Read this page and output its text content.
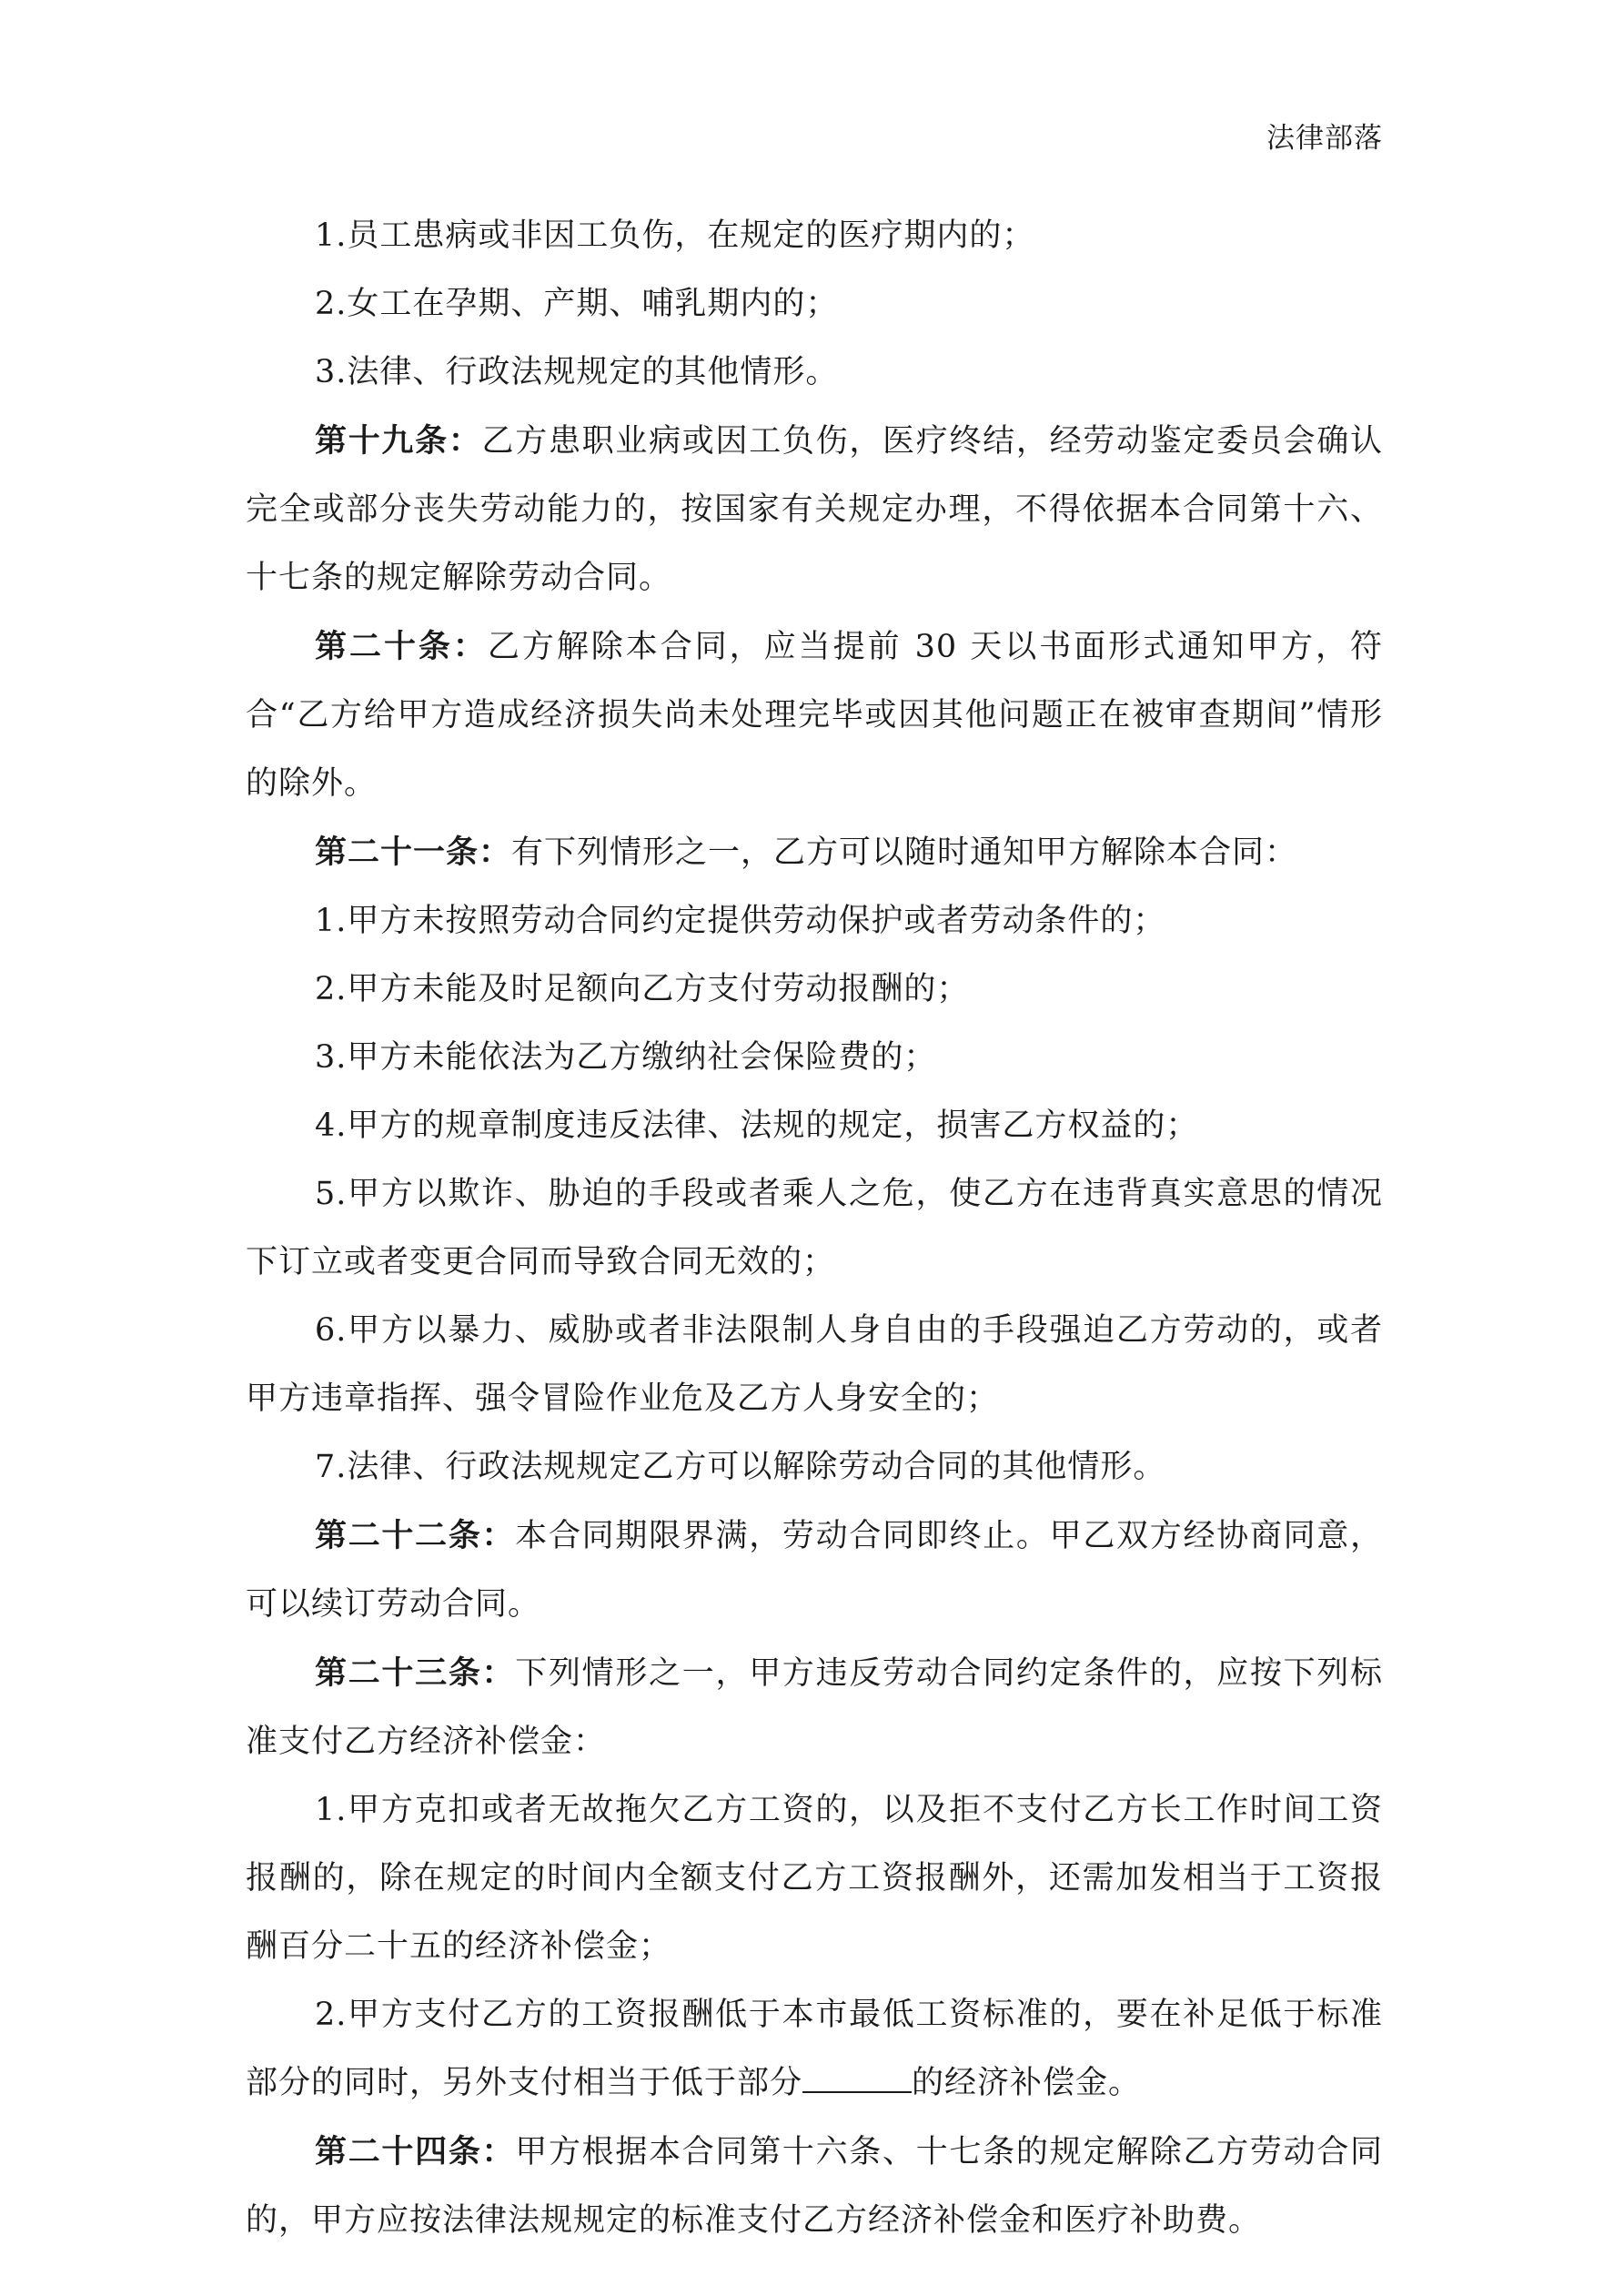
法律部落

1.员工患病或非因工负伤，在规定的医疗期内的；

2.女工在孕期、产期、哺乳期内的；

3.法律、行政法规规定的其他情形。

第十九条：乙方患职业病或因工负伤，医疗终结，经劳动鉴定委员会确认完全或部分丧失劳动能力的，按国家有关规定办理，不得依据本合同第十六、十七条的规定解除劳动合同。

第二十条：乙方解除本合同，应当提前 30 天以书面形式通知甲方，符合“乙方给甲方造成经济损失尚未处理完毕或因其他问题正在被审查期间”情形的除外。

第二十一条：有下列情形之一，乙方可以随时通知甲方解除本合同：

1.甲方未按照劳动合同约定提供劳动保护或者劳动条件的；

2.甲方未能及时足额向乙方支付劳动报酬的；

3.甲方未能依法为乙方缴纳社会保险费的；

4.甲方的规章制度违反法律、法规的规定，损害乙方权益的；

5.甲方以欺诈、胁迫的手段或者乘人之危，使乙方在违背真实意思的情况下订立或者变更合同而导致合同无效的；

6.甲方以暴力、威胁或者非法限制人身自由的手段强迫乙方劳动的，或者甲方违章指挥、强令冒险作业危及乙方人身安全的；

7.法律、行政法规规定乙方可以解除劳动合同的其他情形。

第二十二条：本合同期限界满，劳动合同即终止。甲乙双方经协商同意，可以续订劳动合同。

第二十三条：下列情形之一，甲方违反劳动合同约定条件的，应按下列标准支付乙方经济补偿金：

1.甲方克扣或者无故拖欠乙方工资的，以及拒不支付乙方长工作时间工资报酬的，除在规定的时间内全额支付乙方工资报酬外，还需加发相当于工资报酬百分二十五的经济补偿金；

2.甲方支付乙方的工资报酬低于本市最低工资标准的，要在补足低于标准部分的同时，另外支付相当于低于部分	的经济补偿金。

第二十四条：甲方根据本合同第十六条、十七条的规定解除乙方劳动合同的，甲方应按法律法规规定的标准支付乙方经济补偿金和医疗补助费。
